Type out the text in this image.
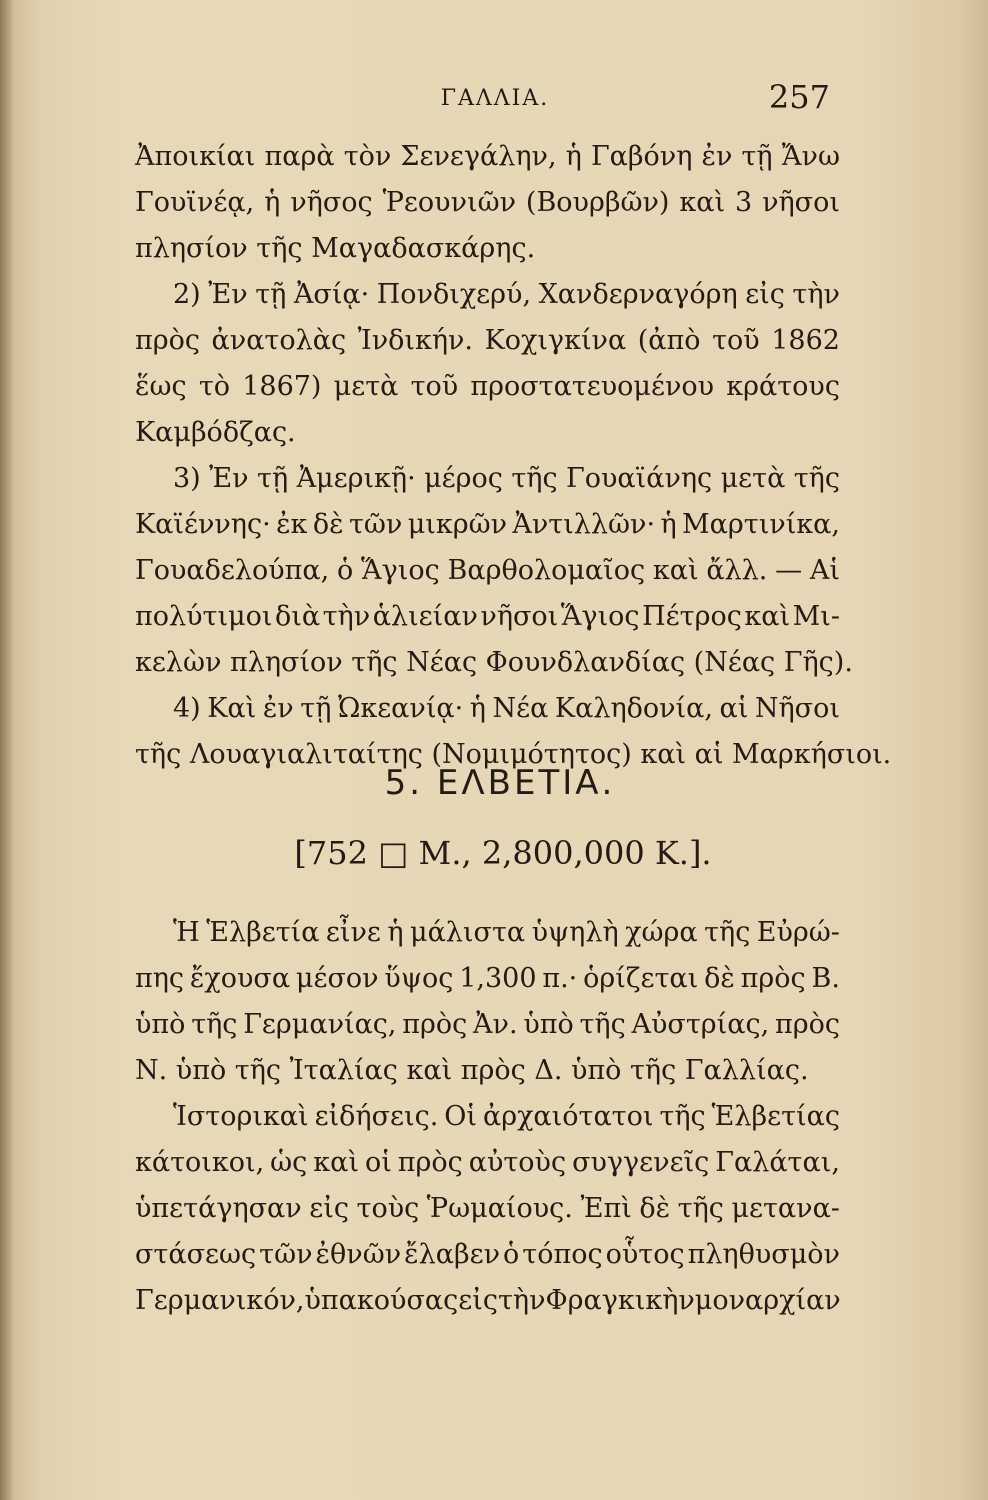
ΓΑΛΛΙΑ.	257
Ἀποικίαι παρὰ τὸν Σενεγάλην, ἡ Γαβόνη ἐν τῇ Ἄνω
Γουϊνέᾳ, ἡ νῆσος Ῥεουνιῶν (Βουρβῶν) καὶ 3 νῆσοι
πλησίον τῆς Μαγαδασκάρης.
2) Ἐν τῇ Ἀσίᾳ· Πονδιχερύ, Χανδερναγόρη εἰς τὴν
πρὸς ἀνατολὰς Ἰνδικήν. Κοχιγκίνα (ἀπὸ τοῦ 1862
ἕως τὸ 1867) μετὰ τοῦ προστατευομένου κράτους
Καμβόδζας.
3) Ἐν τῇ Ἀμερικῇ· μέρος τῆς Γουαϊάνης μετὰ τῆς
Καϊέννης· ἐκ δὲ τῶν μικρῶν Ἀντιλλῶν· ἡ Μαρτινίκα,
Γουαδελούπα, ὁ Ἅγιος Βαρθολομαῖος καὶ ἄλλ. — Αἱ
πολύτιμοι διὰ τὴν ἁλιείαν νῆσοι Ἅγιος Πέτρος καὶ Μι-
κελὼν πλησίον τῆς Νέας Φουνδλανδίας (Νέας Γῆς).
4) Καὶ ἐν τῇ Ὠκεανίᾳ· ἡ Νέα Καληδονία, αἱ Νῆσοι
τῆς Λουαγιαλιταίτης (Νομιμότητος) καὶ αἱ Μαρκήσιοι.
5. ΕΛΒΕΤΙΑ.
[752 □ Μ., 2,800,000 Κ.].
Ἡ Ἑλβετία εἶνε ἡ μάλιστα ὑψηλὴ χώρα τῆς Εὐρώ-
πης ἔχουσα μέσον ὕψος 1,300 π.· ὁρίζεται δὲ πρὸς Β.
ὑπὸ τῆς Γερμανίας, πρὸς Ἀν. ὑπὸ τῆς Αὐστρίας, πρὸς
Ν. ὑπὸ τῆς Ἰταλίας καὶ πρὸς Δ. ὑπὸ τῆς Γαλλίας.
Ἱστορικαὶ εἰδήσεις. Οἱ ἀρχαιότατοι τῆς Ἑλβετίας
κάτοικοι, ὡς καὶ οἱ πρὸς αὐτοὺς συγγενεῖς Γαλάται,
ὑπετάγησαν εἰς τοὺς Ῥωμαίους. Ἐπὶ δὲ τῆς μετανα-
στάσεως τῶν ἐθνῶν ἔλαβεν ὁ τόπος οὗτος πληθυσμὸν
Γερμανικόν, ὑπακούσας εἰς τὴν Φραγκικὴν μοναρχίαν
